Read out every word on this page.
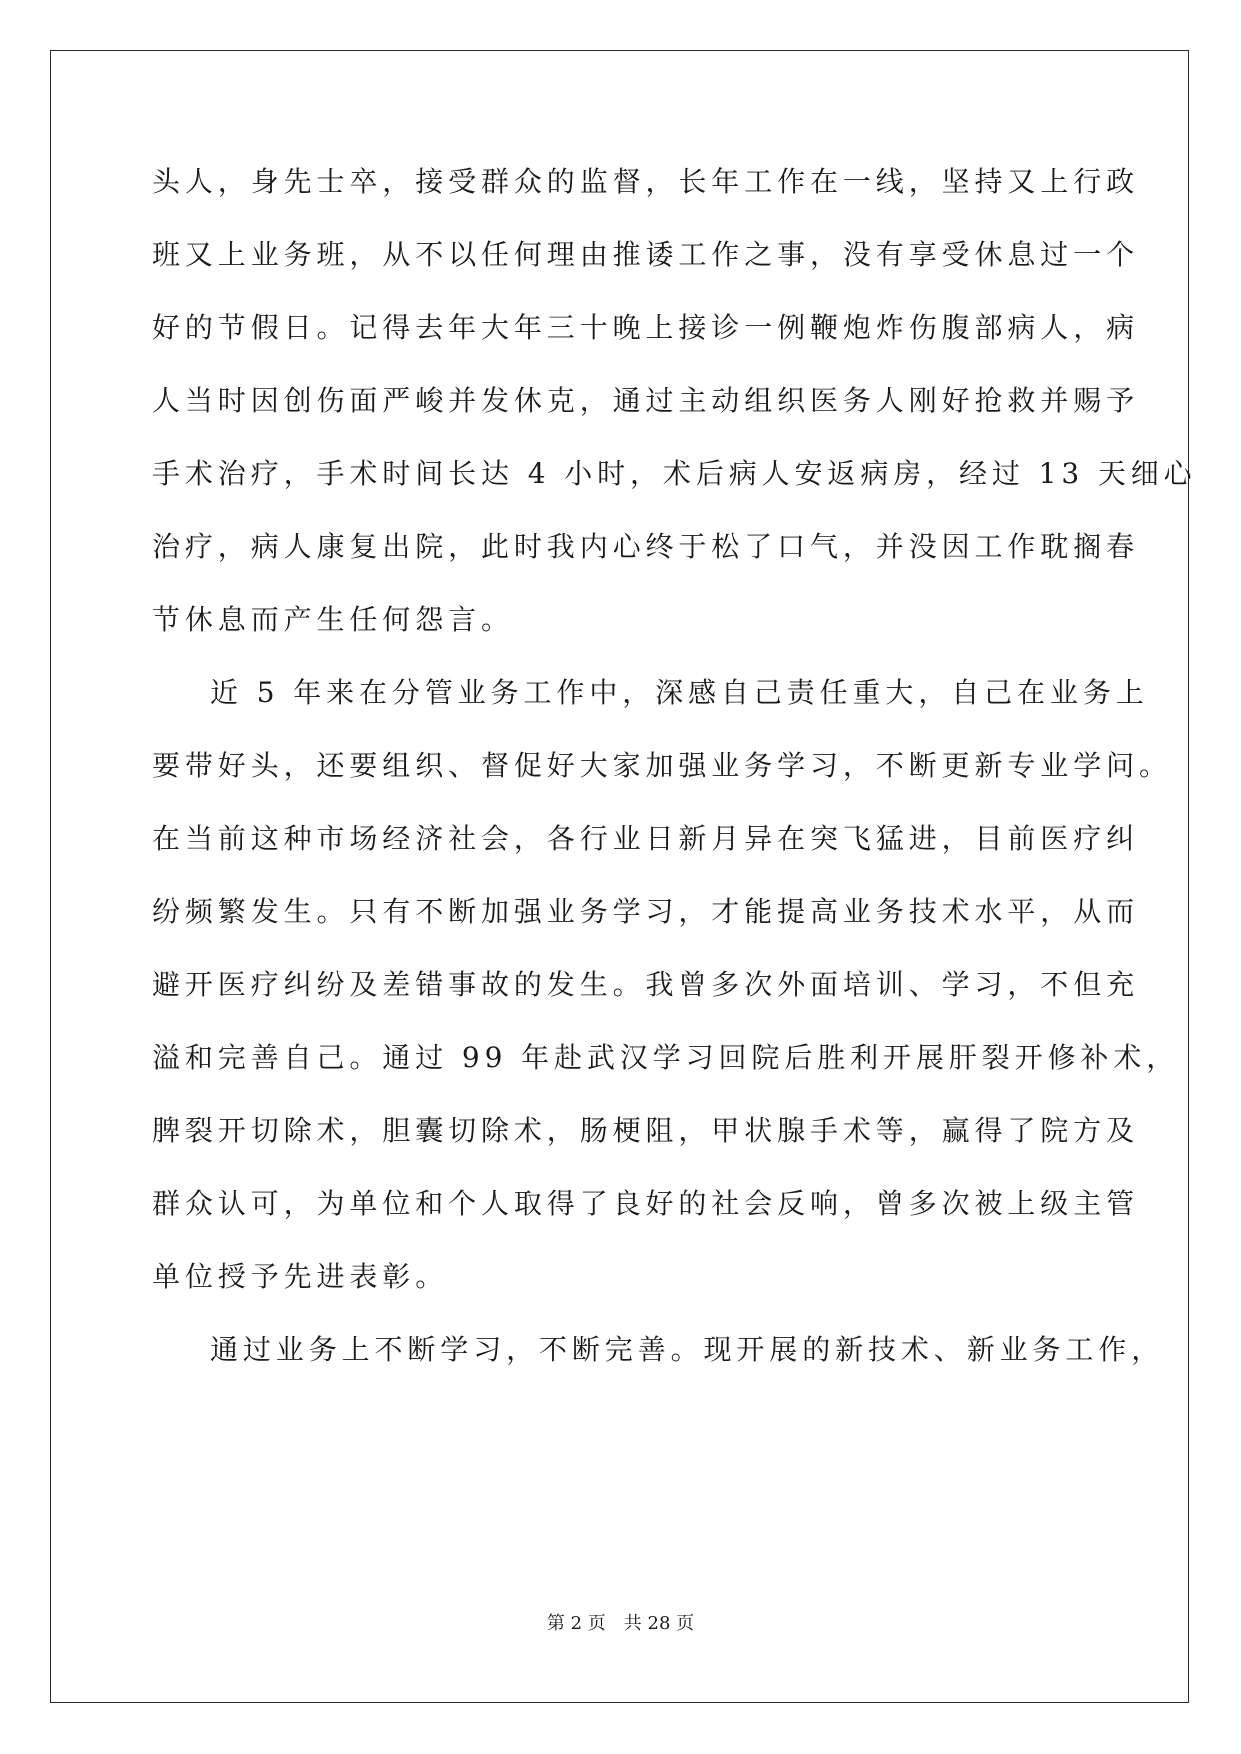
头人，身先士卒，接受群众的监督，长年工作在一线，坚持又上行政
班又上业务班，从不以任何理由推诿工作之事，没有享受休息过一个
好的节假日。记得去年大年三十晚上接诊一例鞭炮炸伤腹部病人，病
人当时因创伤面严峻并发休克，通过主动组织医务人刚好抢救并赐予
手术治疗，手术时间长达 4 小时，术后病人安返病房，经过 13 天细心
治疗，病人康复出院，此时我内心终于松了口气，并没因工作耽搁春
节休息而产生任何怨言。
近 5 年来在分管业务工作中，深感自己责任重大，自己在业务上
要带好头，还要组织、督促好大家加强业务学习，不断更新专业学问。
在当前这种市场经济社会，各行业日新月异在突飞猛进，目前医疗纠
纷频繁发生。只有不断加强业务学习，才能提高业务技术水平，从而
避开医疗纠纷及差错事故的发生。我曾多次外面培训、学习，不但充
溢和完善自己。通过 99 年赴武汉学习回院后胜利开展肝裂开修补术，
脾裂开切除术，胆囊切除术，肠梗阻，甲状腺手术等，赢得了院方及
群众认可，为单位和个人取得了良好的社会反响，曾多次被上级主管
单位授予先进表彰。
通过业务上不断学习，不断完善。现开展的新技术、新业务工作，
第 2 页　共 28 页
